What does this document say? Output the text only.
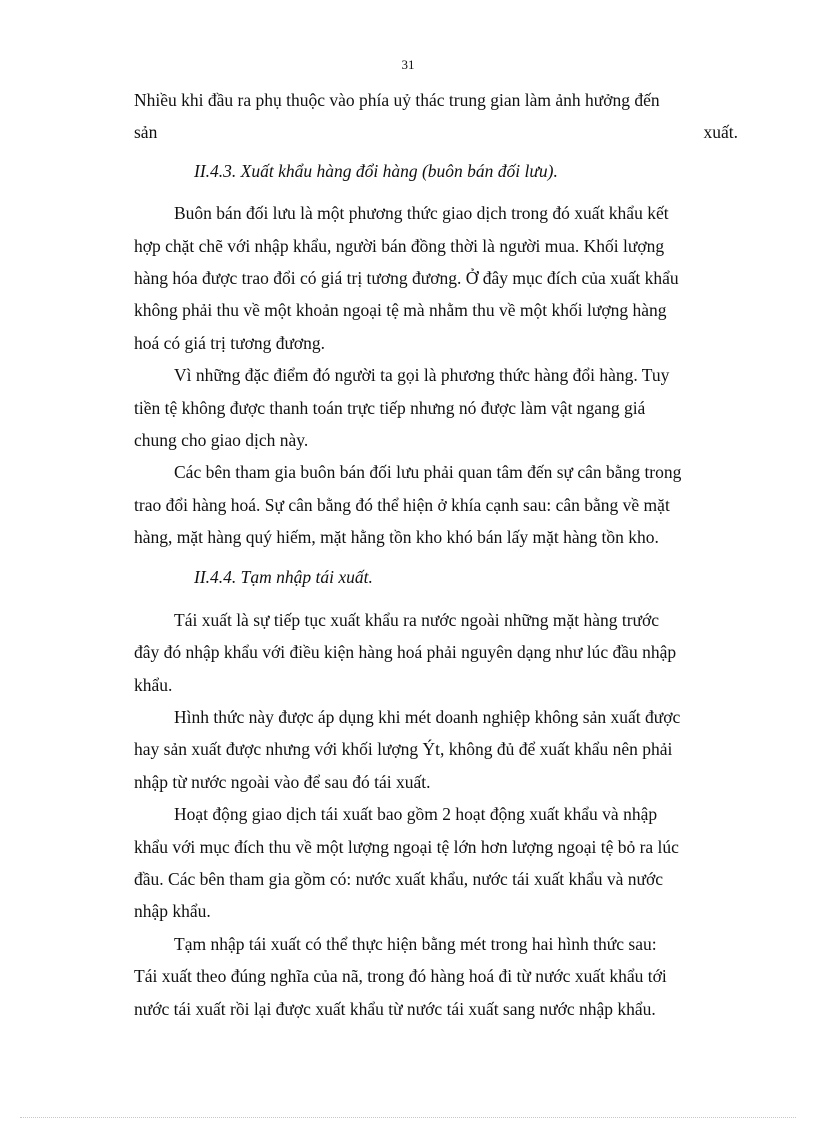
31
Nhiều khi đầu ra phụ thuộc vào phía uỷ thác trung gian làm ảnh hưởng đến
sản	xuất.
II.4.3. Xuất khẩu hàng đổi hàng (buôn bán đối lưu).
Buôn bán đối lưu là một phương thức giao dịch trong đó xuất khẩu kết
hợp chặt chẽ với nhập khẩu, người bán đồng thời là người mua. Khối lượng
hàng hóa được trao đổi có giá trị tương đương. Ở đây mục đích của xuất khẩu
không phải thu về một khoản ngoại tệ mà nhằm thu về một khối lượng hàng
hoá có giá trị tương đương.
Vì những đặc điểm đó người ta gọi là phương thức hàng đổi hàng. Tuy
tiền tệ không được thanh toán trực tiếp nhưng nó được làm vật ngang giá
chung cho giao dịch này.
Các bên tham gia buôn bán đối lưu phải quan tâm đến sự cân bằng trong
trao đổi hàng hoá. Sự cân bằng đó thể hiện ở khía cạnh sau: cân bằng về mặt
hàng, mặt hàng quý hiếm, mặt hằng tồn kho khó bán lấy mặt hàng tồn kho.
II.4.4. Tạm nhập tái xuất.
Tái xuất là sự tiếp tục xuất khẩu ra nước ngoài những mặt hàng trước
đây đó nhập khẩu với điều kiện hàng hoá phải nguyên dạng như lúc đầu nhập
khẩu.
Hình thức này được áp dụng khi mét doanh nghiệp không sản xuất được
hay sản xuất được nhưng với khối lượng Ýt, không đủ để xuất khẩu nên phải
nhập từ nước ngoài vào để sau đó tái xuất.
Hoạt động giao dịch tái xuất bao gồm 2 hoạt động xuất khẩu và nhập
khẩu với mục đích thu về một lượng ngoại tệ lớn hơn lượng ngoại tệ bỏ ra lúc
đầu. Các bên tham gia gồm có: nước xuất khẩu, nước tái xuất khẩu và nước
nhập khẩu.
Tạm nhập tái xuất có thể thực hiện bằng mét trong hai hình thức sau:
Tái xuất theo đúng nghĩa của nã, trong đó hàng hoá đi từ nước xuất khẩu tới
nước tái xuất rồi lại được xuất khẩu từ nước tái xuất sang nước nhập khẩu.
